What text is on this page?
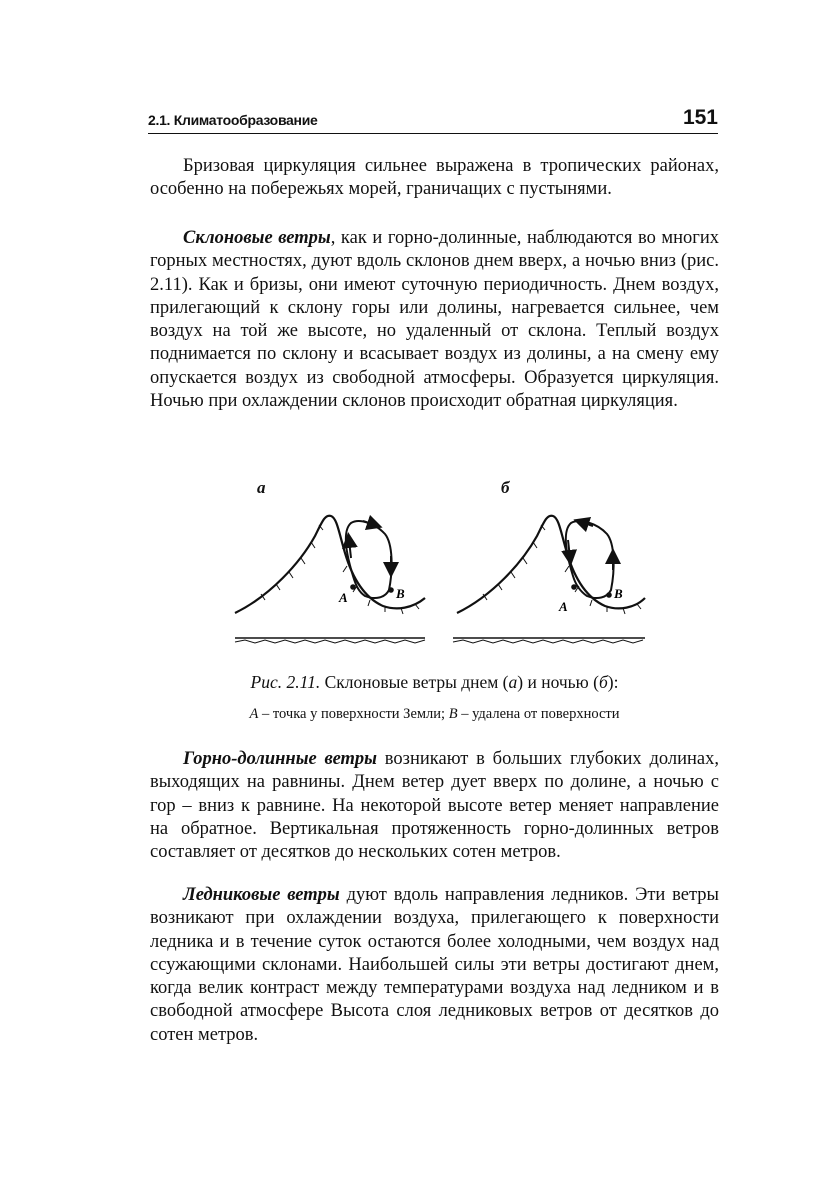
2.1. Климатообразование	151

Бризовая циркуляция сильнее выражена в тропических районах, особенно на побережьях морей, граничащих с пустынями.

Склоновые ветры, как и горно-долинные, наблюдаются во многих горных местностях, дуют вдоль склонов днем вверх, а ночью вниз (рис. 2.11). Как и бризы, они имеют суточную периодичность. Днем воздух, прилегающий к склону горы или долины, нагревается сильнее, чем воздух на той же высоте, но удаленный от склона. Теплый воздух поднимается по склону и всасывает воздух из долины, а на смену ему опускается воздух из свободной атмосферы. Образуется циркуляция. Ночью при охлаждении склонов происходит обратная циркуляция.

а	б
A	B
A
B
Рис. 2.11. Склоновые ветры днем (а) и ночью (б):
A – точка у поверхности Земли; B – удалена от поверхности

Горно-долинные ветры возникают в больших глубоких долинах, выходящих на равнины. Днем ветер дует вверх по долине, а ночью с гор – вниз к равнине. На некоторой высоте ветер меняет направление на обратное. Вертикальная протяженность горно-долинных ветров составляет от десятков до нескольких сотен метров.

Ледниковые ветры дуют вдоль направления ледников. Эти ветры возникают при охлаждении воздуха, прилегающего к поверхности ледника и в течение суток остаются более холодными, чем воздух над ссужающими склонами. Наибольшей силы эти ветры достигают днем, когда велик контраст между температурами воздуха над ледником и в свободной атмосфере Высота слоя ледниковых ветров от десятков до сотен метров.
